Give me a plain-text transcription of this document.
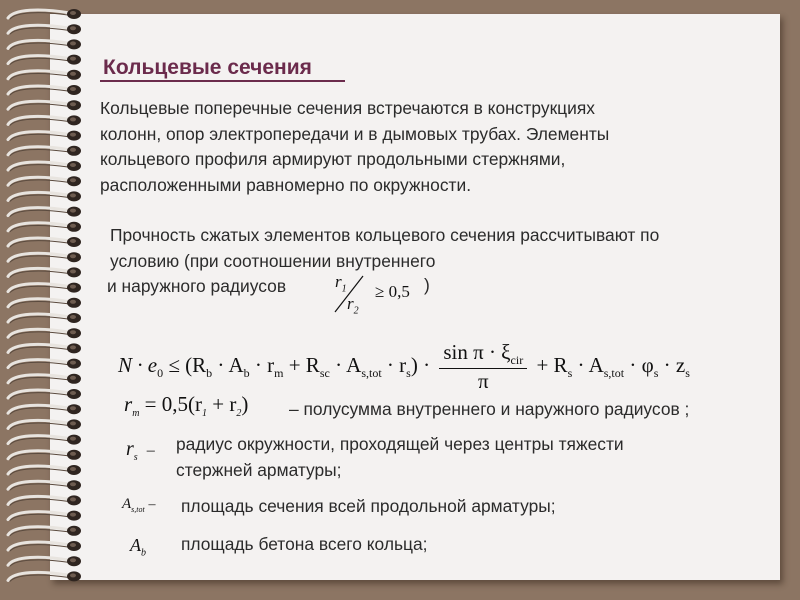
Кольцевые сечения
Кольцевые поперечные сечения встречаются в конструкциях
колонн, опор электропередачи и в дымовых трубах. Элементы
кольцевого профиля армируют продольными стержнями,
расположенными равномерно по окружности.
Прочность сжатых элементов кольцевого сечения рассчитывают по
условию (при соотношении внутреннего
и наружного радиусов	$r_1$
$r_2$
≥ 0,5 )
$N \cdot e_0 \le (R_b \cdot A_b \cdot r_m + R_{sc} \cdot A_{s,tot} \cdot r_s) \cdot \frac{\sin \pi \cdot \xi_{cir}}{\pi} + R_s \cdot A_{s,tot} \cdot \varphi_s \cdot z_s$
$r_m = 0,5(r_1 + r_2)$ – полусумма внутреннего и наружного радиусов ;
$r_s$ – радиус окружности, проходящей через центры тяжести
стержней арматуры;
$A_{s,tot}$ – площадь сечения всей продольной арматуры;
$A_b$ площадь бетона всего кольца;
